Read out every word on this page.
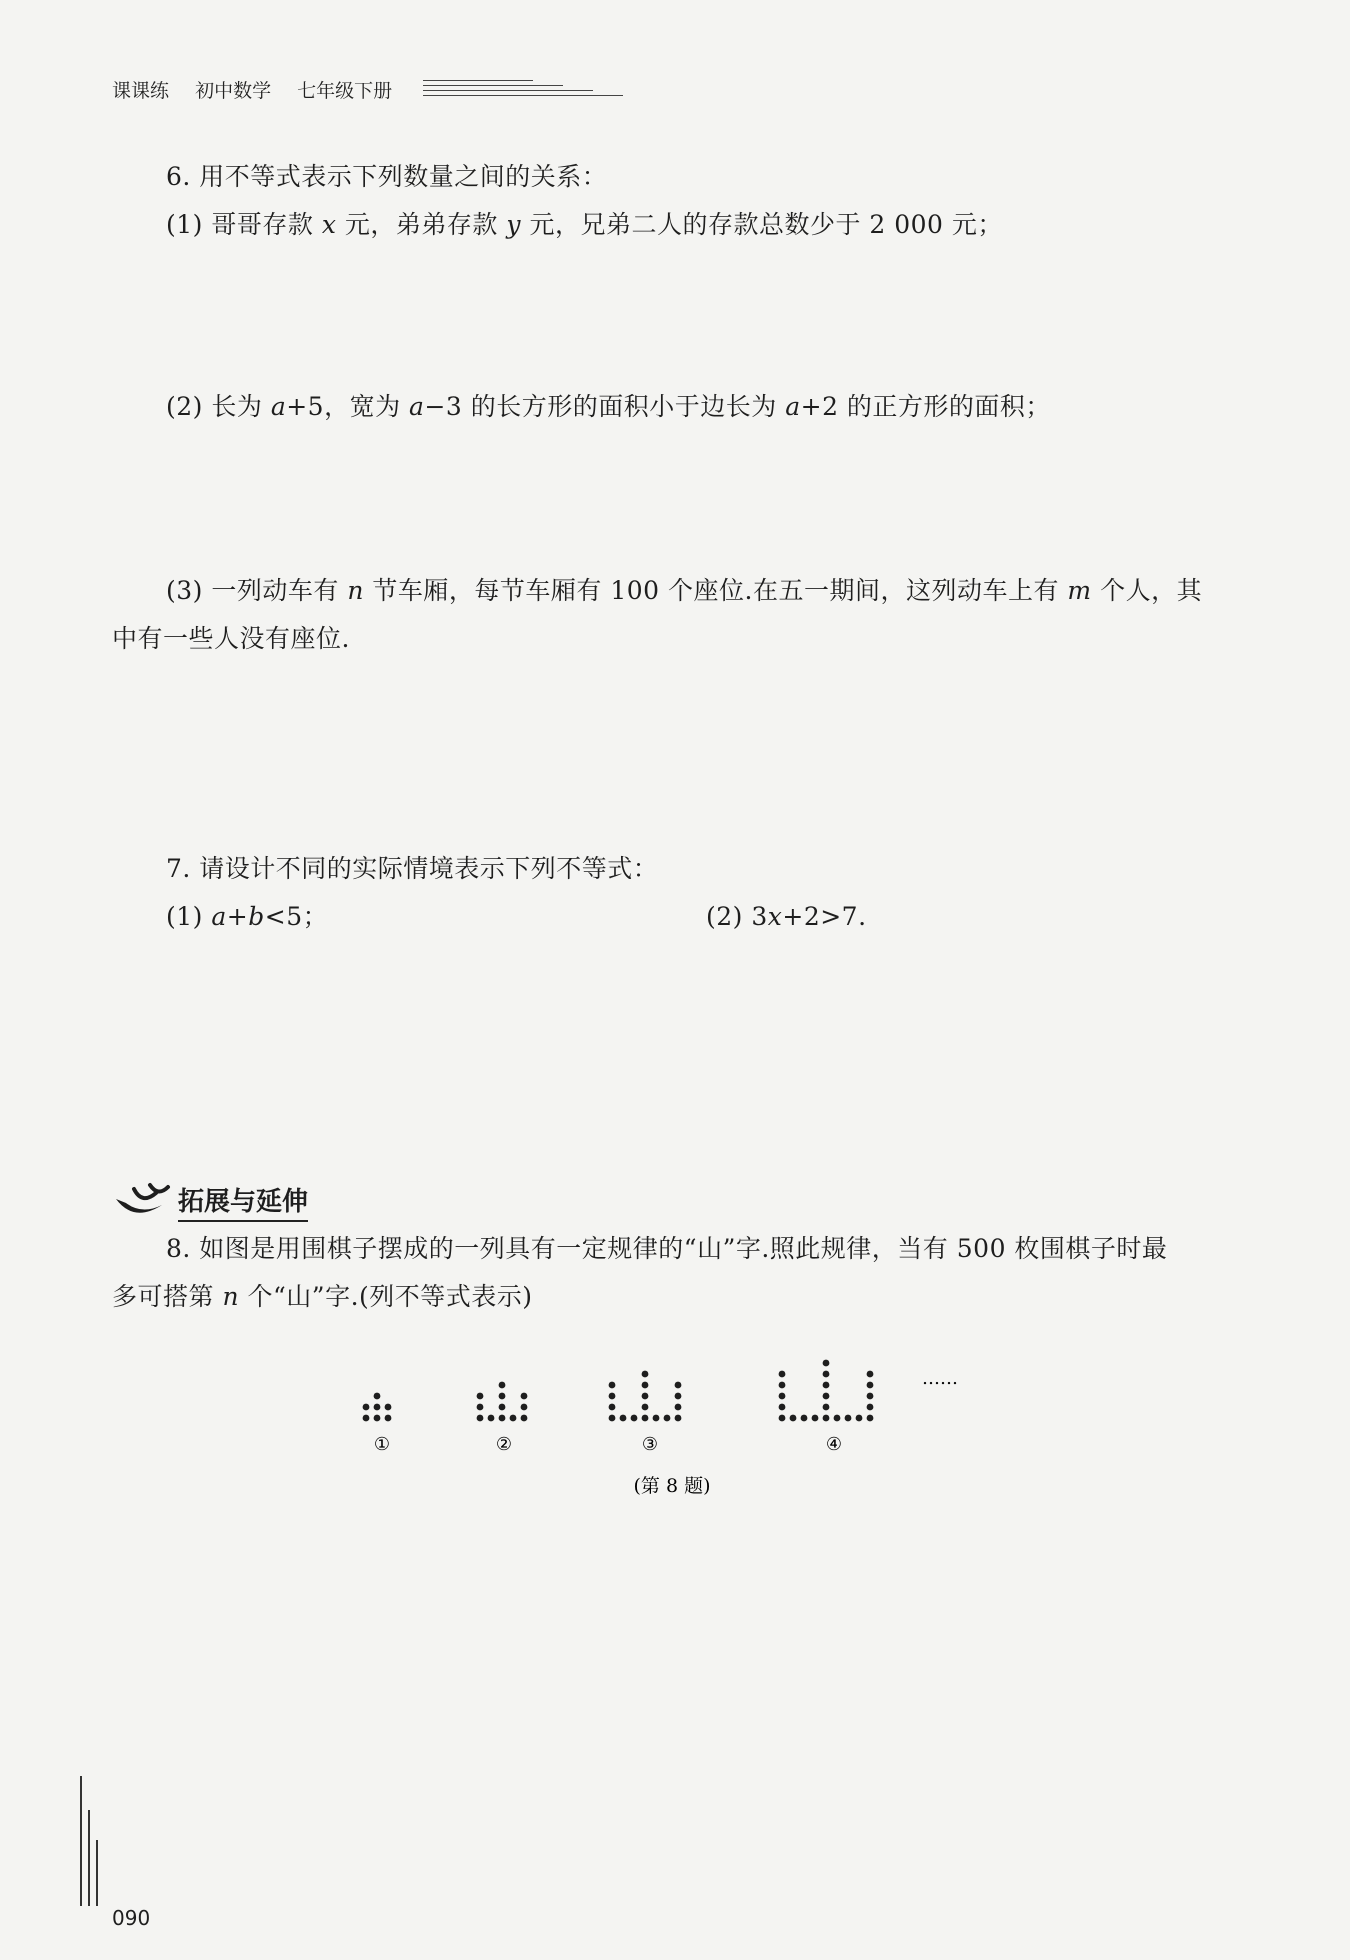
课课练 初中数学 七年级下册
6. 用不等式表示下列数量之间的关系：
(1) 哥哥存款 x 元，弟弟存款 y 元，兄弟二人的存款总数少于 2 000 元；
(2) 长为 a+5，宽为 a−3 的长方形的面积小于边长为 a+2 的正方形的面积；
(3) 一列动车有 n 节车厢，每节车厢有 100 个座位.在五一期间，这列动车上有 m 个人，其
中有一些人没有座位.
7. 请设计不同的实际情境表示下列不等式：
(1) a+b<5；	(2) 3x+2>7.
拓展与延伸
8. 如图是用围棋子摆成的一列具有一定规律的“山”字.照此规律，当有 500 枚围棋子时最
多可搭第 n 个“山”字.(列不等式表示)
①	②	③	④
……
(第 8 题)
090
